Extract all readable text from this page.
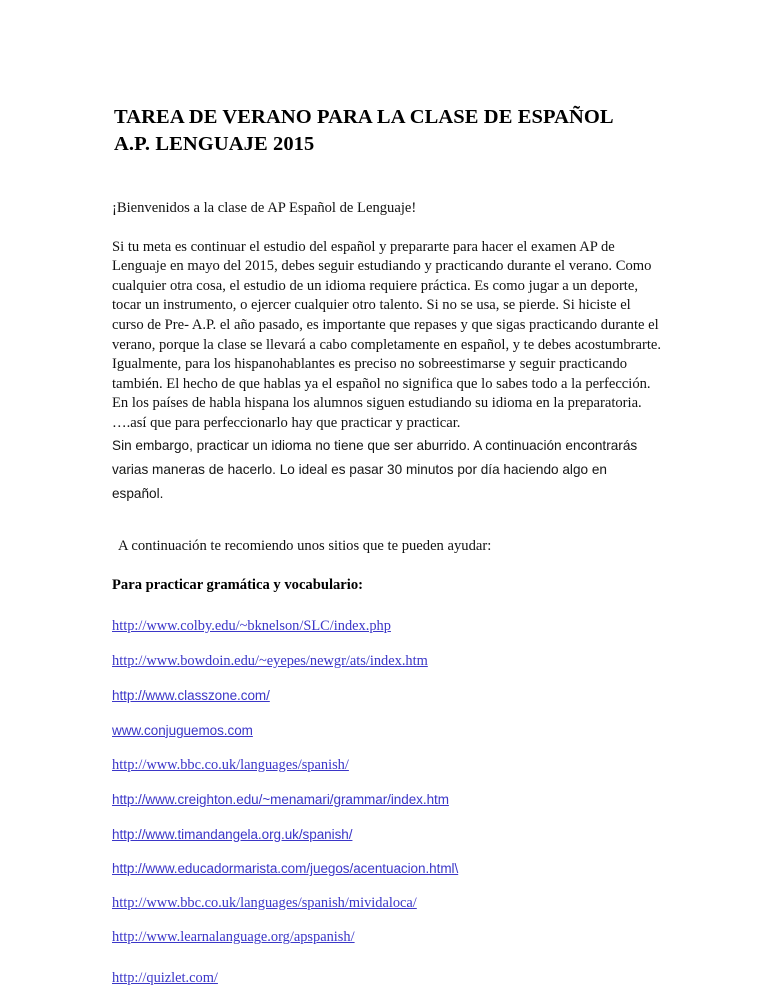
TAREA DE VERANO PARA LA CLASE DE ESPAÑOL A.P. LENGUAJE 2015

¡Bienvenidos a la clase de AP Español de Lenguaje!

Si tu meta es continuar el estudio del español y prepararte para hacer el examen AP de Lenguaje en mayo del 2015, debes seguir estudiando y practicando durante el verano. Como cualquier otra cosa, el estudio de un idioma requiere práctica. Es como jugar a un deporte, tocar un instrumento, o ejercer cualquier otro talento. Si no se usa, se pierde. Si hiciste el curso de Pre- A.P. el año pasado, es importante que repases y que sigas practicando durante el verano, porque la clase se llevará a cabo completamente en español, y te debes acostumbrarte. Igualmente, para los hispanohablantes es preciso no sobreestimarse y seguir practicando también. El hecho de que hablas ya el español no significa que lo sabes todo a la perfección. En los países de habla hispana los alumnos siguen estudiando su idioma en la preparatoria. ….así que para perfeccionarlo hay que practicar y practicar.

Sin embargo, practicar un idioma no tiene que ser aburrido. A continuación encontrarás varias maneras de hacerlo. Lo ideal es pasar 30 minutos por día haciendo algo en español.

A continuación te recomiendo unos sitios que te pueden ayudar:

Para practicar gramática y vocabulario:

http://www.colby.edu/~bknelson/SLC/index.php
http://www.bowdoin.edu/~eyepes/newgr/ats/index.htm
http://www.classzone.com/
www.conjuguemos.com
http://www.bbc.co.uk/languages/spanish/
http://www.creighton.edu/~menamari/grammar/index.htm
http://www.timandangela.org.uk/spanish/
http://www.educadormarista.com/juegos/acentuacion.html\
http://www.bbc.co.uk/languages/spanish/mividaloca/
http://www.learnalanguage.org/apspanish/
http://quizlet.com/
